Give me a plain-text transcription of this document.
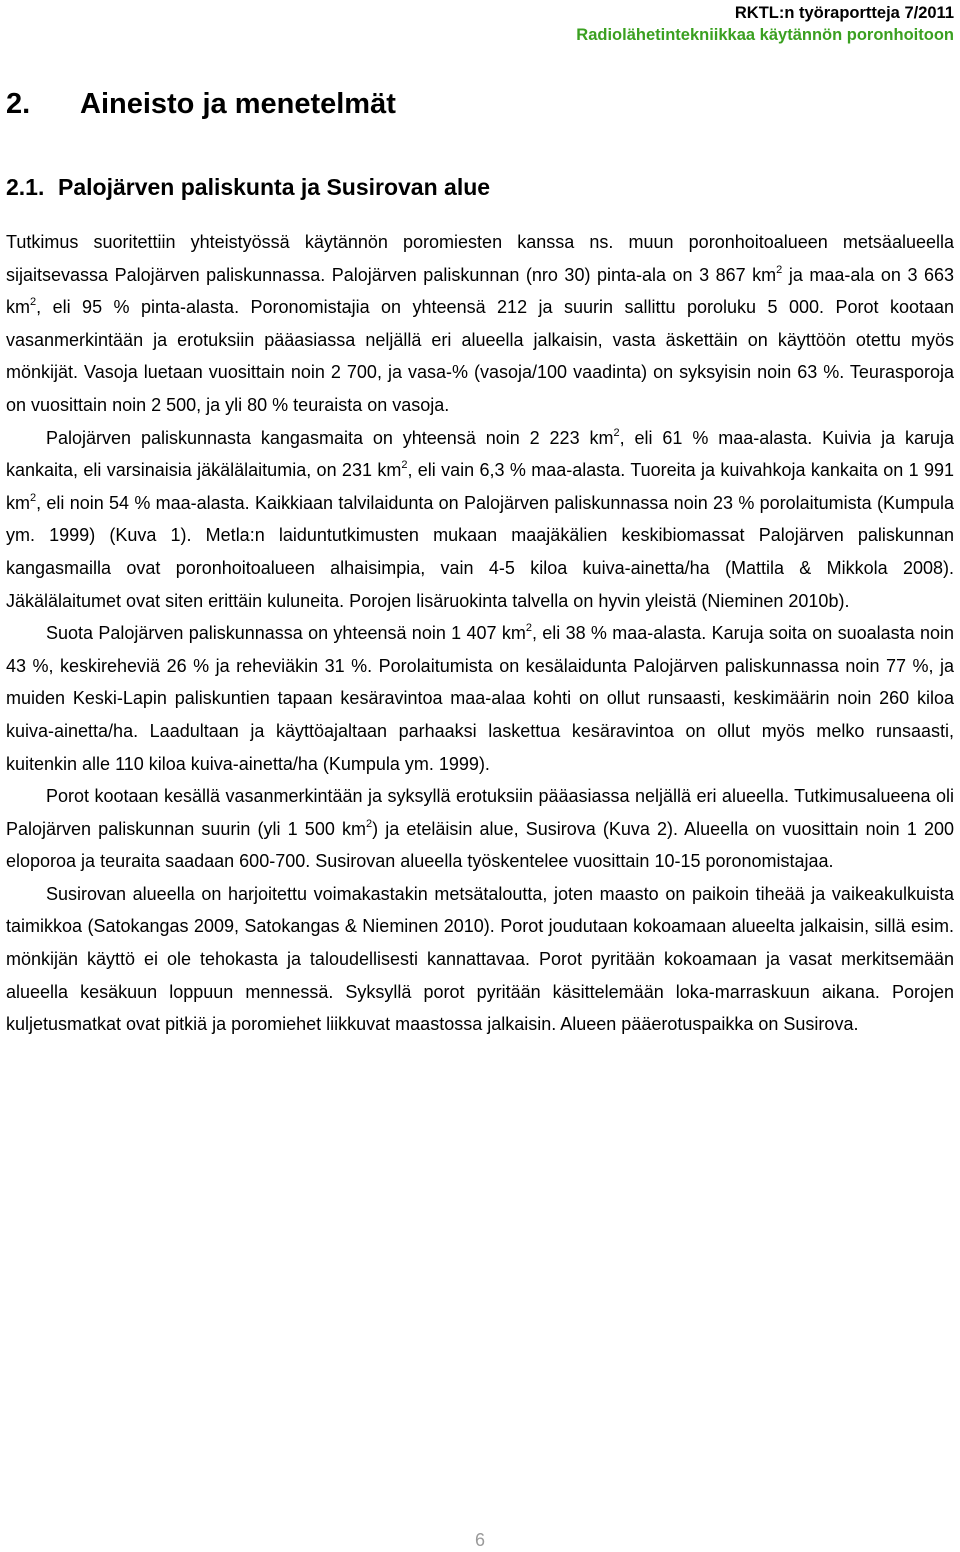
RKTL:n työraportteja 7/2011
Radiolähetintekniikkaa käytännön poronhoitoon
2. Aineisto ja menetelmät
2.1. Palojärven paliskunta ja Susirovan alue

Tutkimus suoritettiin yhteistyössä käytännön poromiesten kanssa ns. muun poronhoitoalueen metsäalueella sijaitsevassa Palojärven paliskunnassa. Palojärven paliskunnan (nro 30) pinta-ala on 3 867 $km^2$ ja maa-ala on 3 663 $km^2$, eli 95 % pinta-alasta. Poronomistajia on yhteensä 212 ja suurin sallittu poroluku 5 000. Porot kootaan vasanmerkintään ja erotuksiin pääasiassa neljällä eri alueella jalkaisin, vasta äskettäin on käyttöön otettu myös mönkijät. Vasoja luetaan vuosittain noin 2 700, ja vasa-% (vasoja/100 vaadinta) on syksyisin noin 63 %. Teurasporoja on vuosittain noin 2 500, ja yli 80 % teuraista on vasoja.

Palojärven paliskunnasta kangasmaita on yhteensä noin 2 223 $km^2$, eli 61 % maa-alasta. Kuivia ja karuja kankaita, eli varsinaisia jäkälälaitumia, on 231 $km^2$, eli vain 6,3 % maa-alasta. Tuoreita ja kuivahkoja kankaita on 1 991 $km^2$, eli noin 54 % maa-alasta. Kaikkiaan talvilaidunta on Palojärven paliskunnassa noin 23 % porolaitumista (Kumpula ym. 1999) (Kuva 1). Metla:n laiduntutkimusten mukaan maajäkälien keskibiomassat Palojärven paliskunnan kangasmailla ovat poronhoitoalueen alhaisimpia, vain 4-5 kiloa kuiva-ainetta/ha (Mattila & Mikkola 2008). Jäkälälaitumet ovat siten erittäin kuluneita. Porojen lisäruokinta talvella on hyvin yleistä (Nieminen 2010b).

Suota Palojärven paliskunnassa on yhteensä noin 1 407 $km^2$, eli 38 % maa-alasta. Karuja soita on suoalasta noin 43 %, keskireheviä 26 % ja reheviäkin 31 %. Porolaitumista on kesälaidunta Palojärven paliskunnassa noin 77 %, ja muiden Keski-Lapin paliskuntien tapaan kesäravintoa maa-alaa kohti on ollut runsaasti, keskimäärin noin 260 kiloa kuiva-ainetta/ha. Laadultaan ja käyttöajaltaan parhaaksi laskettua kesäravintoa on ollut myös melko runsaasti, kuitenkin alle 110 kiloa kuiva-ainetta/ha (Kumpula ym. 1999).

Porot kootaan kesällä vasanmerkintään ja syksyllä erotuksiin pääasiassa neljällä eri alueella. Tutkimusalueena oli Palojärven paliskunnan suurin (yli 1 500 $km^2$) ja eteläisin alue, Susirova (Kuva 2). Alueella on vuosittain noin 1 200 eloporoa ja teuraita saadaan 600-700. Susirovan alueella työskentelee vuosittain 10-15 poronomistajaa.

Susirovan alueella on harjoitettu voimakastakin metsätaloutta, joten maasto on paikoin tiheää ja vaikeakulkuista taimikkoa (Satokangas 2009, Satokangas & Nieminen 2010). Porot joudutaan kokoamaan alueelta jalkaisin, sillä esim. mönkijän käyttö ei ole tehokasta ja taloudellisesti kannattavaa. Porot pyritään kokoamaan ja vasat merkitsemään alueella kesäkuun loppuun mennessä. Syksyllä porot pyritään käsittelemään loka-marraskuun aikana. Porojen kuljetusmatkat ovat pitkiä ja poromiehet liikkuvat maastossa jalkaisin. Alueen pääerotuspaikka on Susirova.

6
